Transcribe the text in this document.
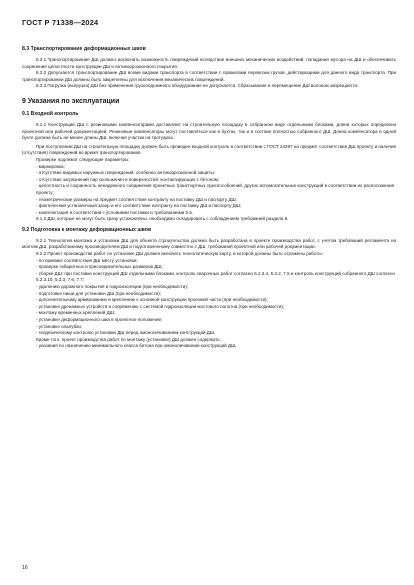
ГОСТ Р 71338—2024
8.3 Транспортирование деформационных швов

8.3.1 Транспортирование ДШ должно исключать возможность повреждений вследствие внешних механических воздействий, попадания мусора на ДШ и обеспечивать сохранение целостности конструкции ДШ и антикоррозионного покрытия.

8.3.2 Допускается транспортирование ДШ всеми видами транспорта в соответствии с правилами перевозки грузов, действующими для данного вида транспорта. При транспортировании ДШ должны быть закреплены для исключения механических повреждений.

8.3.3 Погрузка (выгрузка) ДШ без применения грузоподъемного оборудования не допускается. Сбрасывание и перемещение ДШ волоком запрещается.

9 Указания по эксплуатации
9.1 Входной контроль

9.1.1 Конструкции ДШ с резиновыми компенсаторами доставляют на строительную площадку в собранном виде отдельными блоками, длина которых определена проектной или рабочей документацией. Резиновые компенсаторы могут поставляться как в бухтах, так и в составе полностью собранного ДШ. Длина компенсатора в одной бухте должна быть не менее длины ДШ, включая участки на тротуарах.

При поступлении ДШ на строительную площадку должен быть проведен входной контроль в соответствии с ГОСТ 24297 на предмет соответствия ДШ проекту и наличия (отсутствия) повреждений во время транспортирования.

Проверке подлежат следующие параметры:

- маркировка;

- отсутствие видимых наружных повреждений, особенно антикоррозионной защиты;

- отсутствие загрязнений пар скольжения и поверхностей, контактирующих с бетоном;

- целостность и сохранность ненадежного соединения проектных транспортных приспособлений, других вспомогательных конструкций в соответствии их расположения проекту;

- геометрические размеры на предмет соответствия контракту на поставку ДШ и паспорту ДШ;

- фактический установочный зазор и его соответствие контракту на поставку ДШ и паспорту ДШ;

- комплектация в соответствии с условиями поставки и требованиями 5.5.

9.1.2 ДШ, которые не могут быть сразу установлены, необходимо складировать с соблюдением требований раздела 8.

9.2 Подготовка к монтажу деформационных швов

9.2.1 Технология монтажа и установки ДШ для объекта строительства должна быть разработана в проекте производства работ, с учетом требований регламента на монтаж ДШ, разработанному производителем ДШ и подготовленному совместно с ДШ, требований проектной или рабочей документации.

9.2.2 Проект производства работ по установке ДШ должен включать технологическую карту, в которой должны быть отражены работы:

- по приемке соответствия ДШ месту установки;

- проверке габаритных и присоединительных размеров ДШ;

- сборке ДШ: при поставке конструкций ДШ отдельными блоками, контроль сварочных работ согласно 5.2.3.4, 5.3.2, 7.5 и контроль конструкций собранного ДШ согласно 5.2.3.10, 5.3.3, 7.6, 7.7;

- удалению дорожного покрытия и гидроизоляции (при необходимости);

- подготовке ниши для установки ДШ (при необходимости);

- дополнительному армированию и креплению к основной конструкции проезжей части (при необходимости);

- установке дренажных устройств и сопряжению с системой гидроизоляции мостового полотна (при необходимости);

- монтажу временных креплений ДШ;

- установке деформационного шва в проектное положение;

- установке опалубки;

- геодезическому контролю установки ДШ перед омоноличиванием конструкций ДШ.

Кроме того, проект производства работ по монтажу (установке) ДШ должен содержать:

- указания по назначению минимального класса бетона при омоноличивании конструкций ДШ,

16
